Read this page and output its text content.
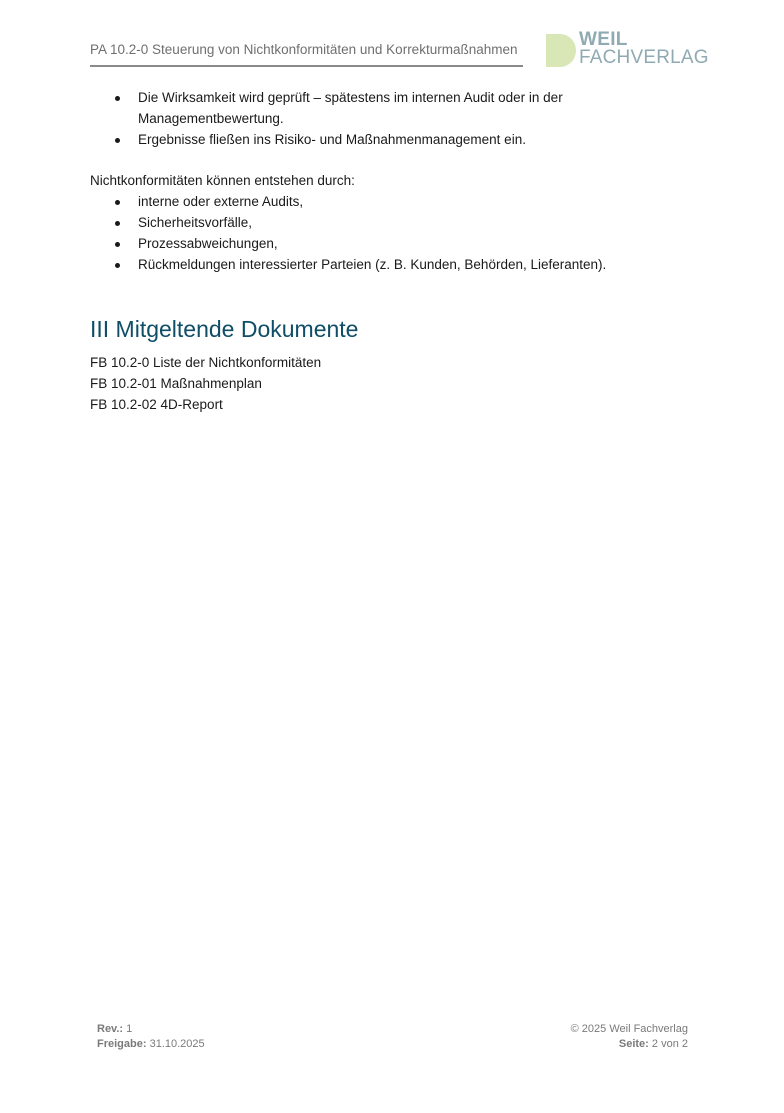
PA 10.2-0 Steuerung von Nichtkonformitäten und Korrekturmaßnahmen	WEIL
FACHVERLAG
Die Wirksamkeit wird geprüft – spätestens im internen Audit oder in der Managementbewertung.
Ergebnisse fließen ins Risiko- und Maßnahmenmanagement ein.
Nichtkonformitäten können entstehen durch:
interne oder externe Audits,
Sicherheitsvorfälle,
Prozessabweichungen,
Rückmeldungen interessierter Parteien (z. B. Kunden, Behörden, Lieferanten).
III Mitgeltende Dokumente
FB 10.2-0 Liste der Nichtkonformitäten
FB 10.2-01 Maßnahmenplan
FB 10.2-02 4D-Report
Rev.: 1
Freigabe: 31.10.2025
© 2025 Weil Fachverlag
Seite: 2 von 2
